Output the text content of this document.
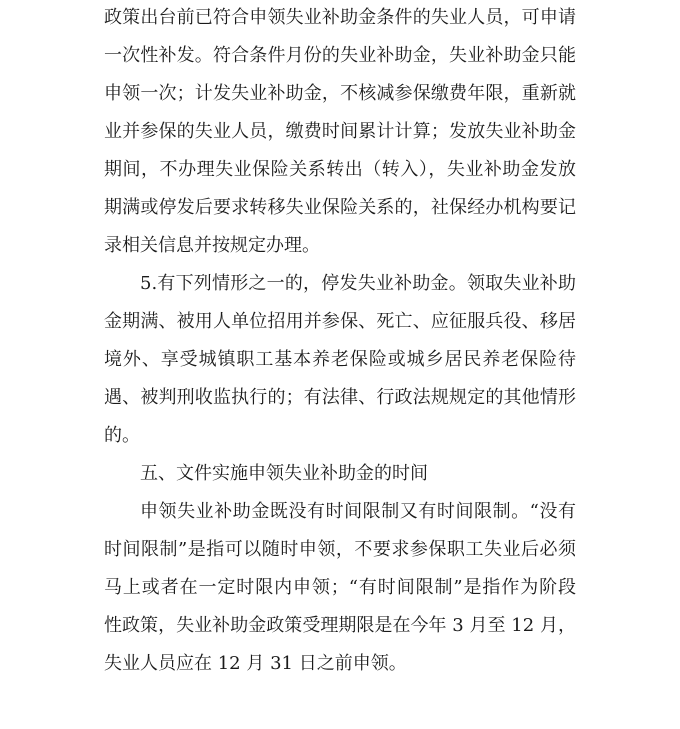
政策出台前已符合申领失业补助金条件的失业人员，可申请
一次性补发。符合条件月份的失业补助金，失业补助金只能
申领一次；计发失业补助金，不核减参保缴费年限，重新就
业并参保的失业人员，缴费时间累计计算；发放失业补助金
期间，不办理失业保险关系转出（转入），失业补助金发放
期满或停发后要求转移失业保险关系的，社保经办机构要记
录相关信息并按规定办理。
5.有下列情形之一的，停发失业补助金。领取失业补助
金期满、被用人单位招用并参保、死亡、应征服兵役、移居
境外、享受城镇职工基本养老保险或城乡居民养老保险待
遇、被判刑收监执行的；有法律、行政法规规定的其他情形
的。
五、文件实施申领失业补助金的时间
申领失业补助金既没有时间限制又有时间限制。“没有
时间限制”是指可以随时申领，不要求参保职工失业后必须
马上或者在一定时限内申领；“有时间限制”是指作为阶段
性政策，失业补助金政策受理期限是在今年 3 月至 12 月，
失业人员应在 12 月 31 日之前申领。
